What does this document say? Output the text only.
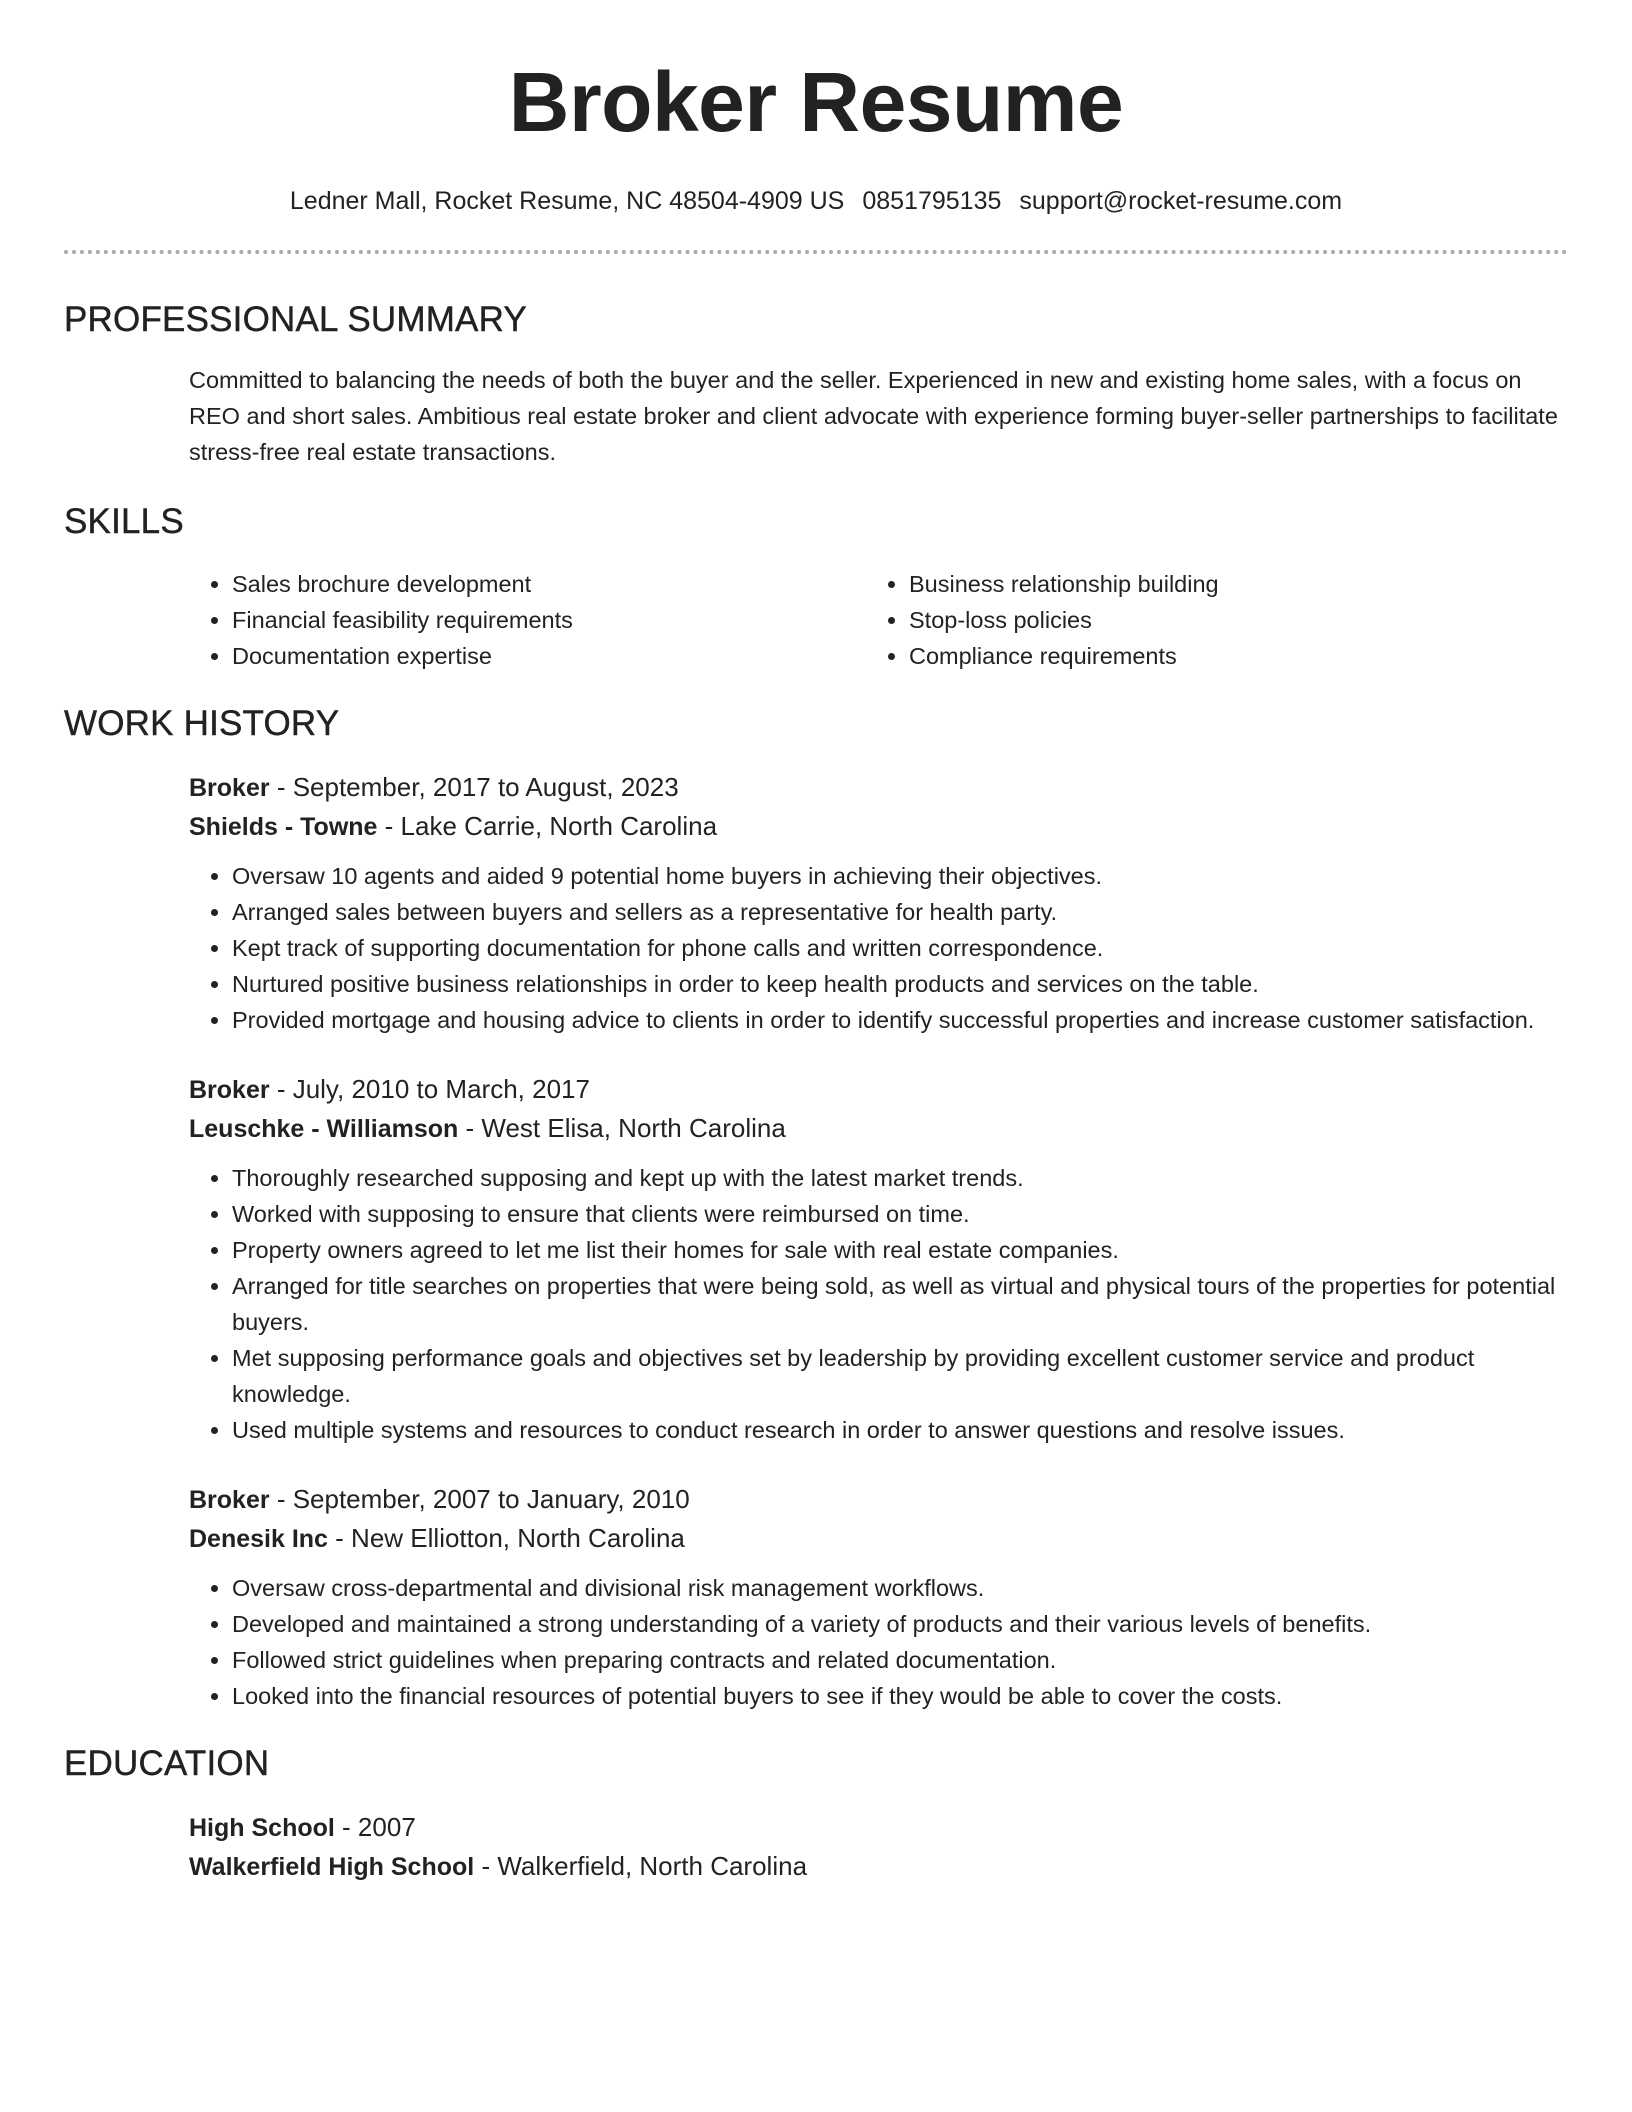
Broker Resume
Ledner Mall, Rocket Resume, NC 48504-4909 US 0851795135 support@rocket-resume.com
PROFESSIONAL SUMMARY

Committed to balancing the needs of both the buyer and the seller. Experienced in new and existing home sales, with a focus on REO and short sales. Ambitious real estate broker and client advocate with experience forming buyer-seller partnerships to facilitate stress-free real estate transactions.

SKILLS
• Sales brochure development
• Financial feasibility requirements
• Documentation expertise
• Business relationship building
• Stop-loss policies
• Compliance requirements
WORK HISTORY

Broker - September, 2017 to August, 2023

Shields - Towne - Lake Carrie, North Carolina

• Oversaw 10 agents and aided 9 potential home buyers in achieving their objectives.
• Arranged sales between buyers and sellers as a representative for health party.
• Kept track of supporting documentation for phone calls and written correspondence.
• Nurtured positive business relationships in order to keep health products and services on the table.
• Provided mortgage and housing advice to clients in order to identify successful properties and increase customer satisfaction.

Broker - July, 2010 to March, 2017

Leuschke - Williamson - West Elisa, North Carolina

• Thoroughly researched supposing and kept up with the latest market trends.
• Worked with supposing to ensure that clients were reimbursed on time.
• Property owners agreed to let me list their homes for sale with real estate companies.
• Arranged for title searches on properties that were being sold, as well as virtual and physical tours of the properties for potential buyers.
• Met supposing performance goals and objectives set by leadership by providing excellent customer service and product knowledge.
• Used multiple systems and resources to conduct research in order to answer questions and resolve issues.

Broker - September, 2007 to January, 2010

Denesik Inc - New Elliotton, North Carolina

• Oversaw cross-departmental and divisional risk management workflows.
• Developed and maintained a strong understanding of a variety of products and their various levels of benefits.
• Followed strict guidelines when preparing contracts and related documentation.
• Looked into the financial resources of potential buyers to see if they would be able to cover the costs.
EDUCATION

High School - 2007

Walkerfield High School - Walkerfield, North Carolina
